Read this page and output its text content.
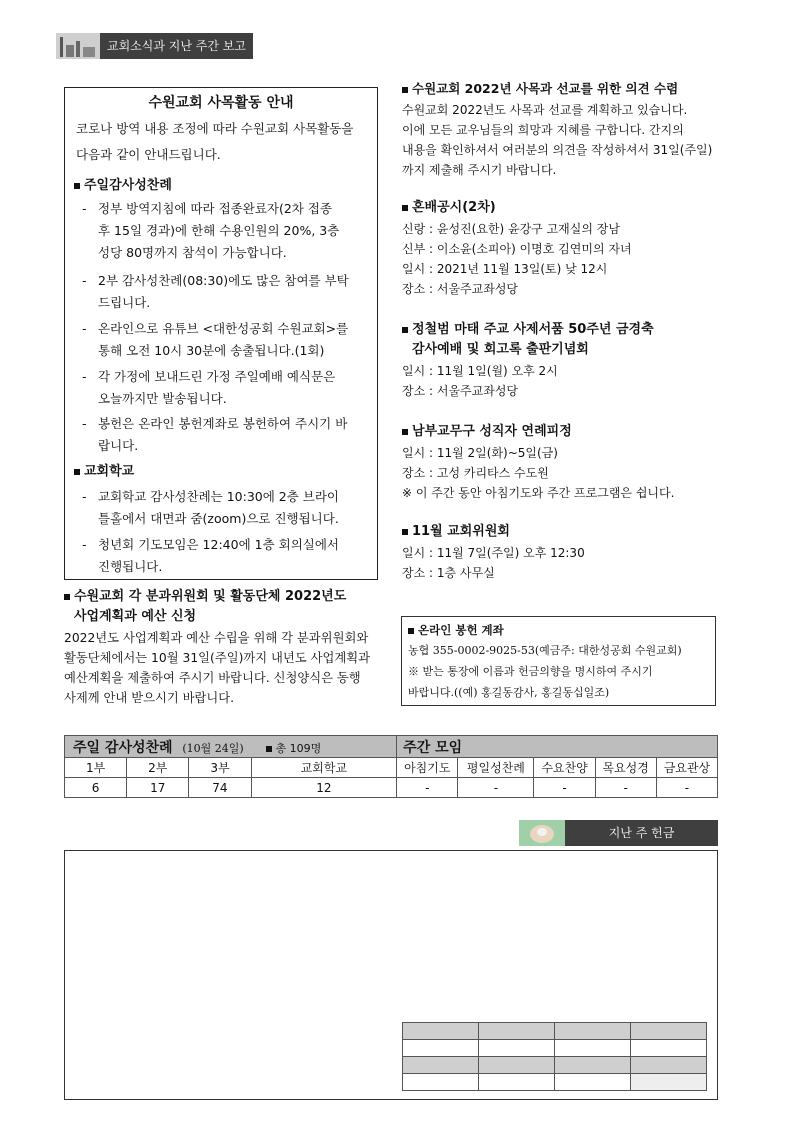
교회소식과 지난 주간 보고
수원교회 사목활동 안내
코로나 방역 내용 조정에 따라 수원교회 사목활동을
다음과 같이 안내드립니다.
주일감사성찬례
- 정부 방역지침에 따라 접종완료자(2차 접종
후 15일 경과)에 한해 수용인원의 20%, 3층
성당 80명까지 참석이 가능합니다.
- 2부 감사성찬례(08:30)에도 많은 참여를 부탁
드립니다.
- 온라인으로 유튜브 <대한성공회 수원교회>를
통해 오전 10시 30분에 송출됩니다.(1회)
- 각 가정에 보내드린 가정 주일예배 예식문은
오늘까지만 발송됩니다.
- 봉헌은 온라인 봉헌계좌로 봉헌하여 주시기 바
랍니다.
교회학교
- 교회학교 감사성찬례는 10:30에 2층 브라이
틀홀에서 대면과 줌(zoom)으로 진행됩니다.
- 청년회 기도모임은 12:40에 1층 회의실에서
진행됩니다.
수원교회 각 분과위원회 및 활동단체 2022년도
사업계획과 예산 신청
2022년도 사업계획과 예산 수립을 위해 각 분과위원회와
활동단체에서는 10월 31일(주일)까지 내년도 사업계획과
예산계획을 제출하여 주시기 바랍니다. 신청양식은 동행
사제께 안내 받으시기 바랍니다.
수원교회 2022년 사목과 선교를 위한 의견 수렴
수원교회 2022년도 사목과 선교를 계획하고 있습니다.
이에 모든 교우님들의 희망과 지혜를 구합니다. 간지의
내용을 확인하셔서 여러분의 의견을 작성하셔서 31일(주일)
까지 제출해 주시기 바랍니다.
혼배공시(2차)
신랑 : 윤성진(요한) 윤강구 고재실의 장남
신부 : 이소윤(소피아) 이명호 김연미의 자녀
일시 : 2021년 11월 13일(토) 낮 12시
장소 : 서울주교좌성당
정철범 마태 주교 사제서품 50주년 금경축
감사예배 및 회고록 출판기념회
일시 : 11월 1일(월) 오후 2시
장소 : 서울주교좌성당
남부교무구 성직자 연례피정
일시 : 11월 2일(화)~5일(금)
장소 : 고성 카리타스 수도원
※ 이 주간 동안 아침기도와 주간 프로그램은 쉽니다.
11월 교회위원회
일시 : 11월 7일(주일) 오후 12:30
장소 : 1층 사무실
온라인 봉헌 계좌
농협 355-0002-9025-53(예금주: 대한성공회 수원교회)
※ 받는 통장에 이름과 헌금의향을 명시하여 주시기
바랍니다.((예) 홍길동감사, 홍길동십일조)
주일 감사성찬례 (10월 24일) 총 109명				주간 모임				
1부	2부	3부	교회학교	아침기도	평일성찬례	수요찬양	목요성경	금요관상
6	17	74	12	-	-	-	-	-
지난 주 헌금
